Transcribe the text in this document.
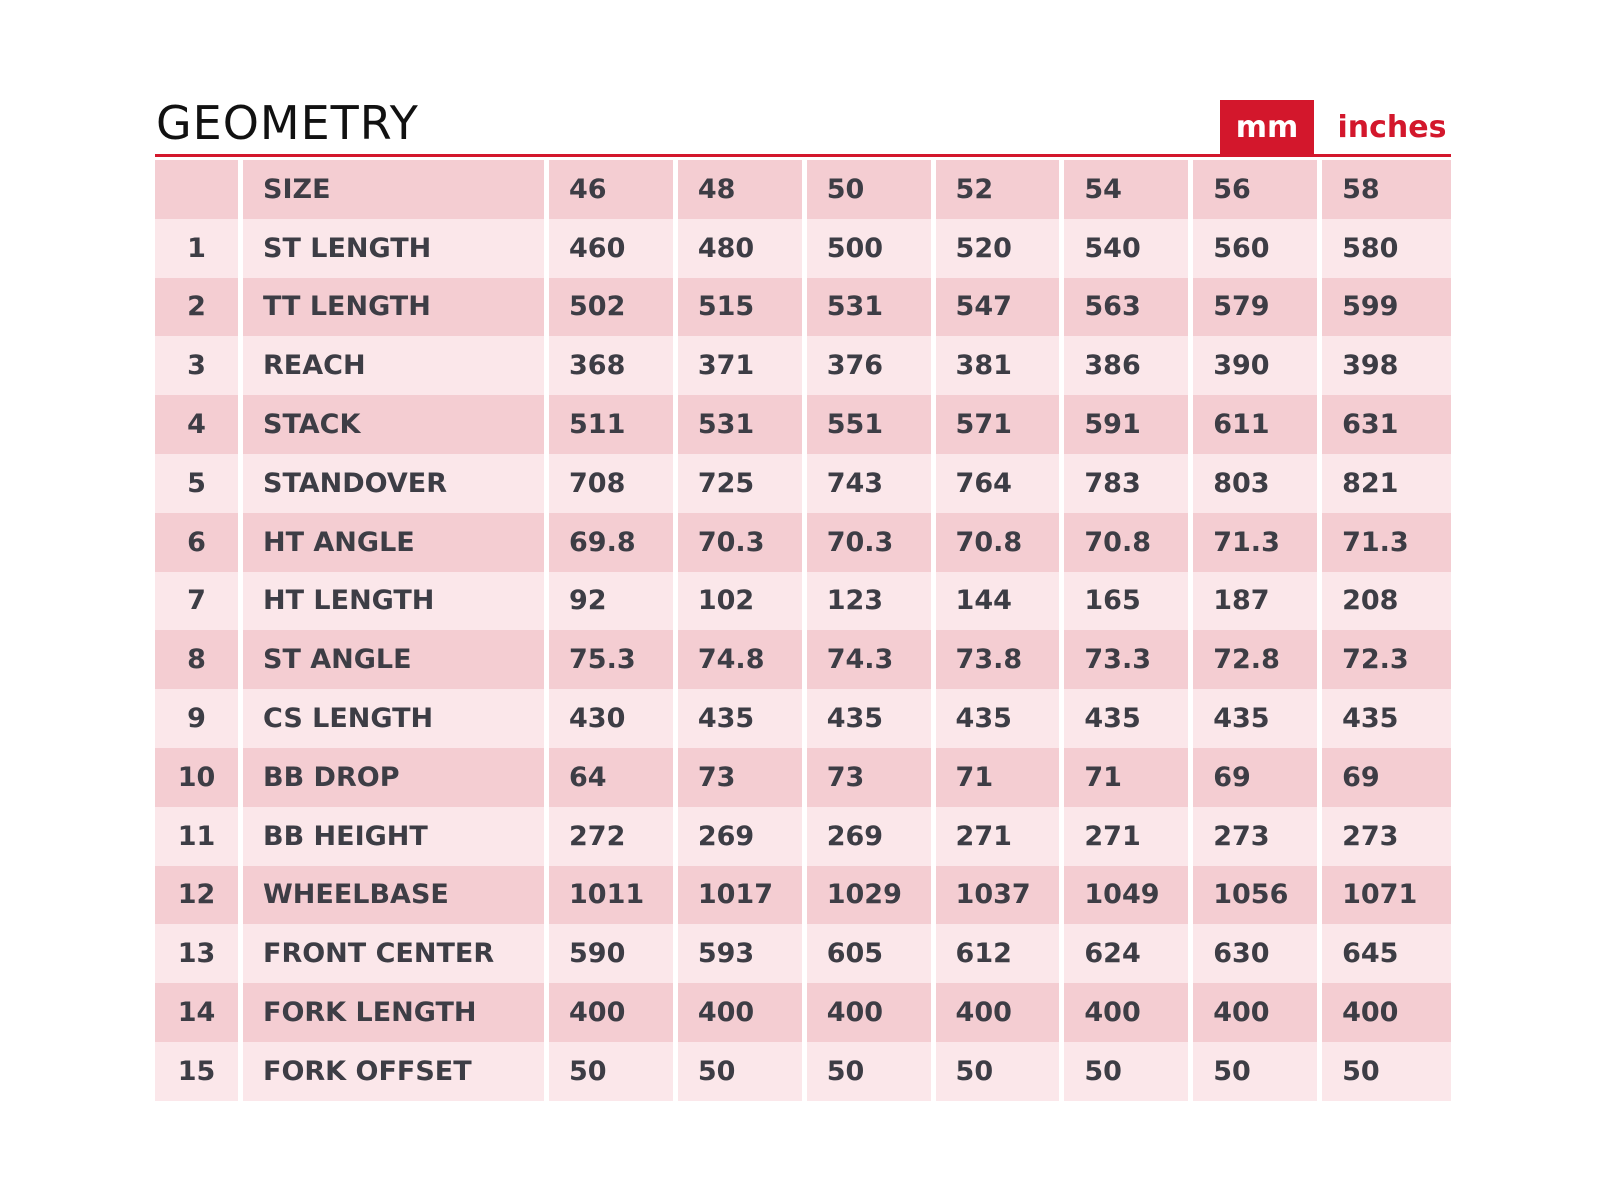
GEOMETRY	mm	inches
	SIZE	46	48	50	52	54	56	58
1	ST LENGTH	460	480	500	520	540	560	580
2	TT LENGTH	502	515	531	547	563	579	599
3	REACH	368	371	376	381	386	390	398
4	STACK	511	531	551	571	591	611	631
5	STANDOVER	708	725	743	764	783	803	821
6	HT ANGLE	69.8	70.3	70.3	70.8	70.8	71.3	71.3
7	HT LENGTH	92	102	123	144	165	187	208
8	ST ANGLE	75.3	74.8	74.3	73.8	73.3	72.8	72.3
9	CS LENGTH	430	435	435	435	435	435	435
10	BB DROP	64	73	73	71	71	69	69
11	BB HEIGHT	272	269	269	271	271	273	273
12	WHEELBASE	1011	1017	1029	1037	1049	1056	1071
13	FRONT CENTER	590	593	605	612	624	630	645
14	FORK LENGTH	400	400	400	400	400	400	400
15	FORK OFFSET	50	50	50	50	50	50	50
